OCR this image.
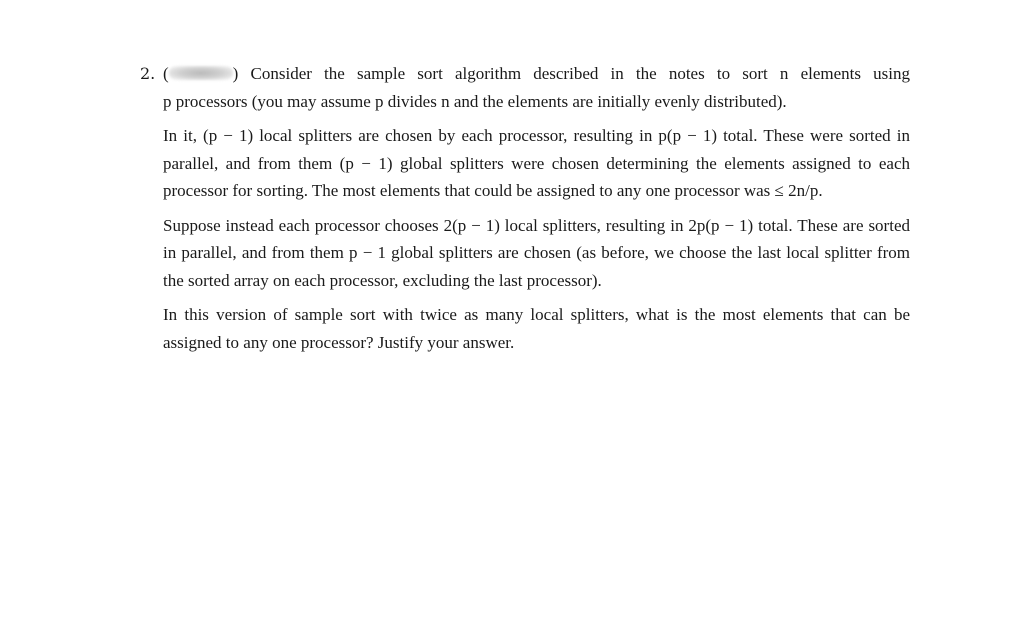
2. (	) Consider the sample sort algorithm described in the notes to sort n elements using

p processors (you may assume p divides n and the elements are initially evenly distributed).

In it, (p − 1) local splitters are chosen by each processor, resulting in p(p − 1) total. These were sorted in parallel, and from them (p − 1) global splitters were chosen determining the elements assigned to each processor for sorting. The most elements that could be assigned to any one processor was ≤ 2n/p.

Suppose instead each processor chooses 2(p − 1) local splitters, resulting in 2p(p − 1) total. These are sorted in parallel, and from them p − 1 global splitters are chosen (as before, we choose the last local splitter from the sorted array on each processor, excluding the last processor).

In this version of sample sort with twice as many local splitters, what is the most elements that can be assigned to any one processor? Justify your answer.
